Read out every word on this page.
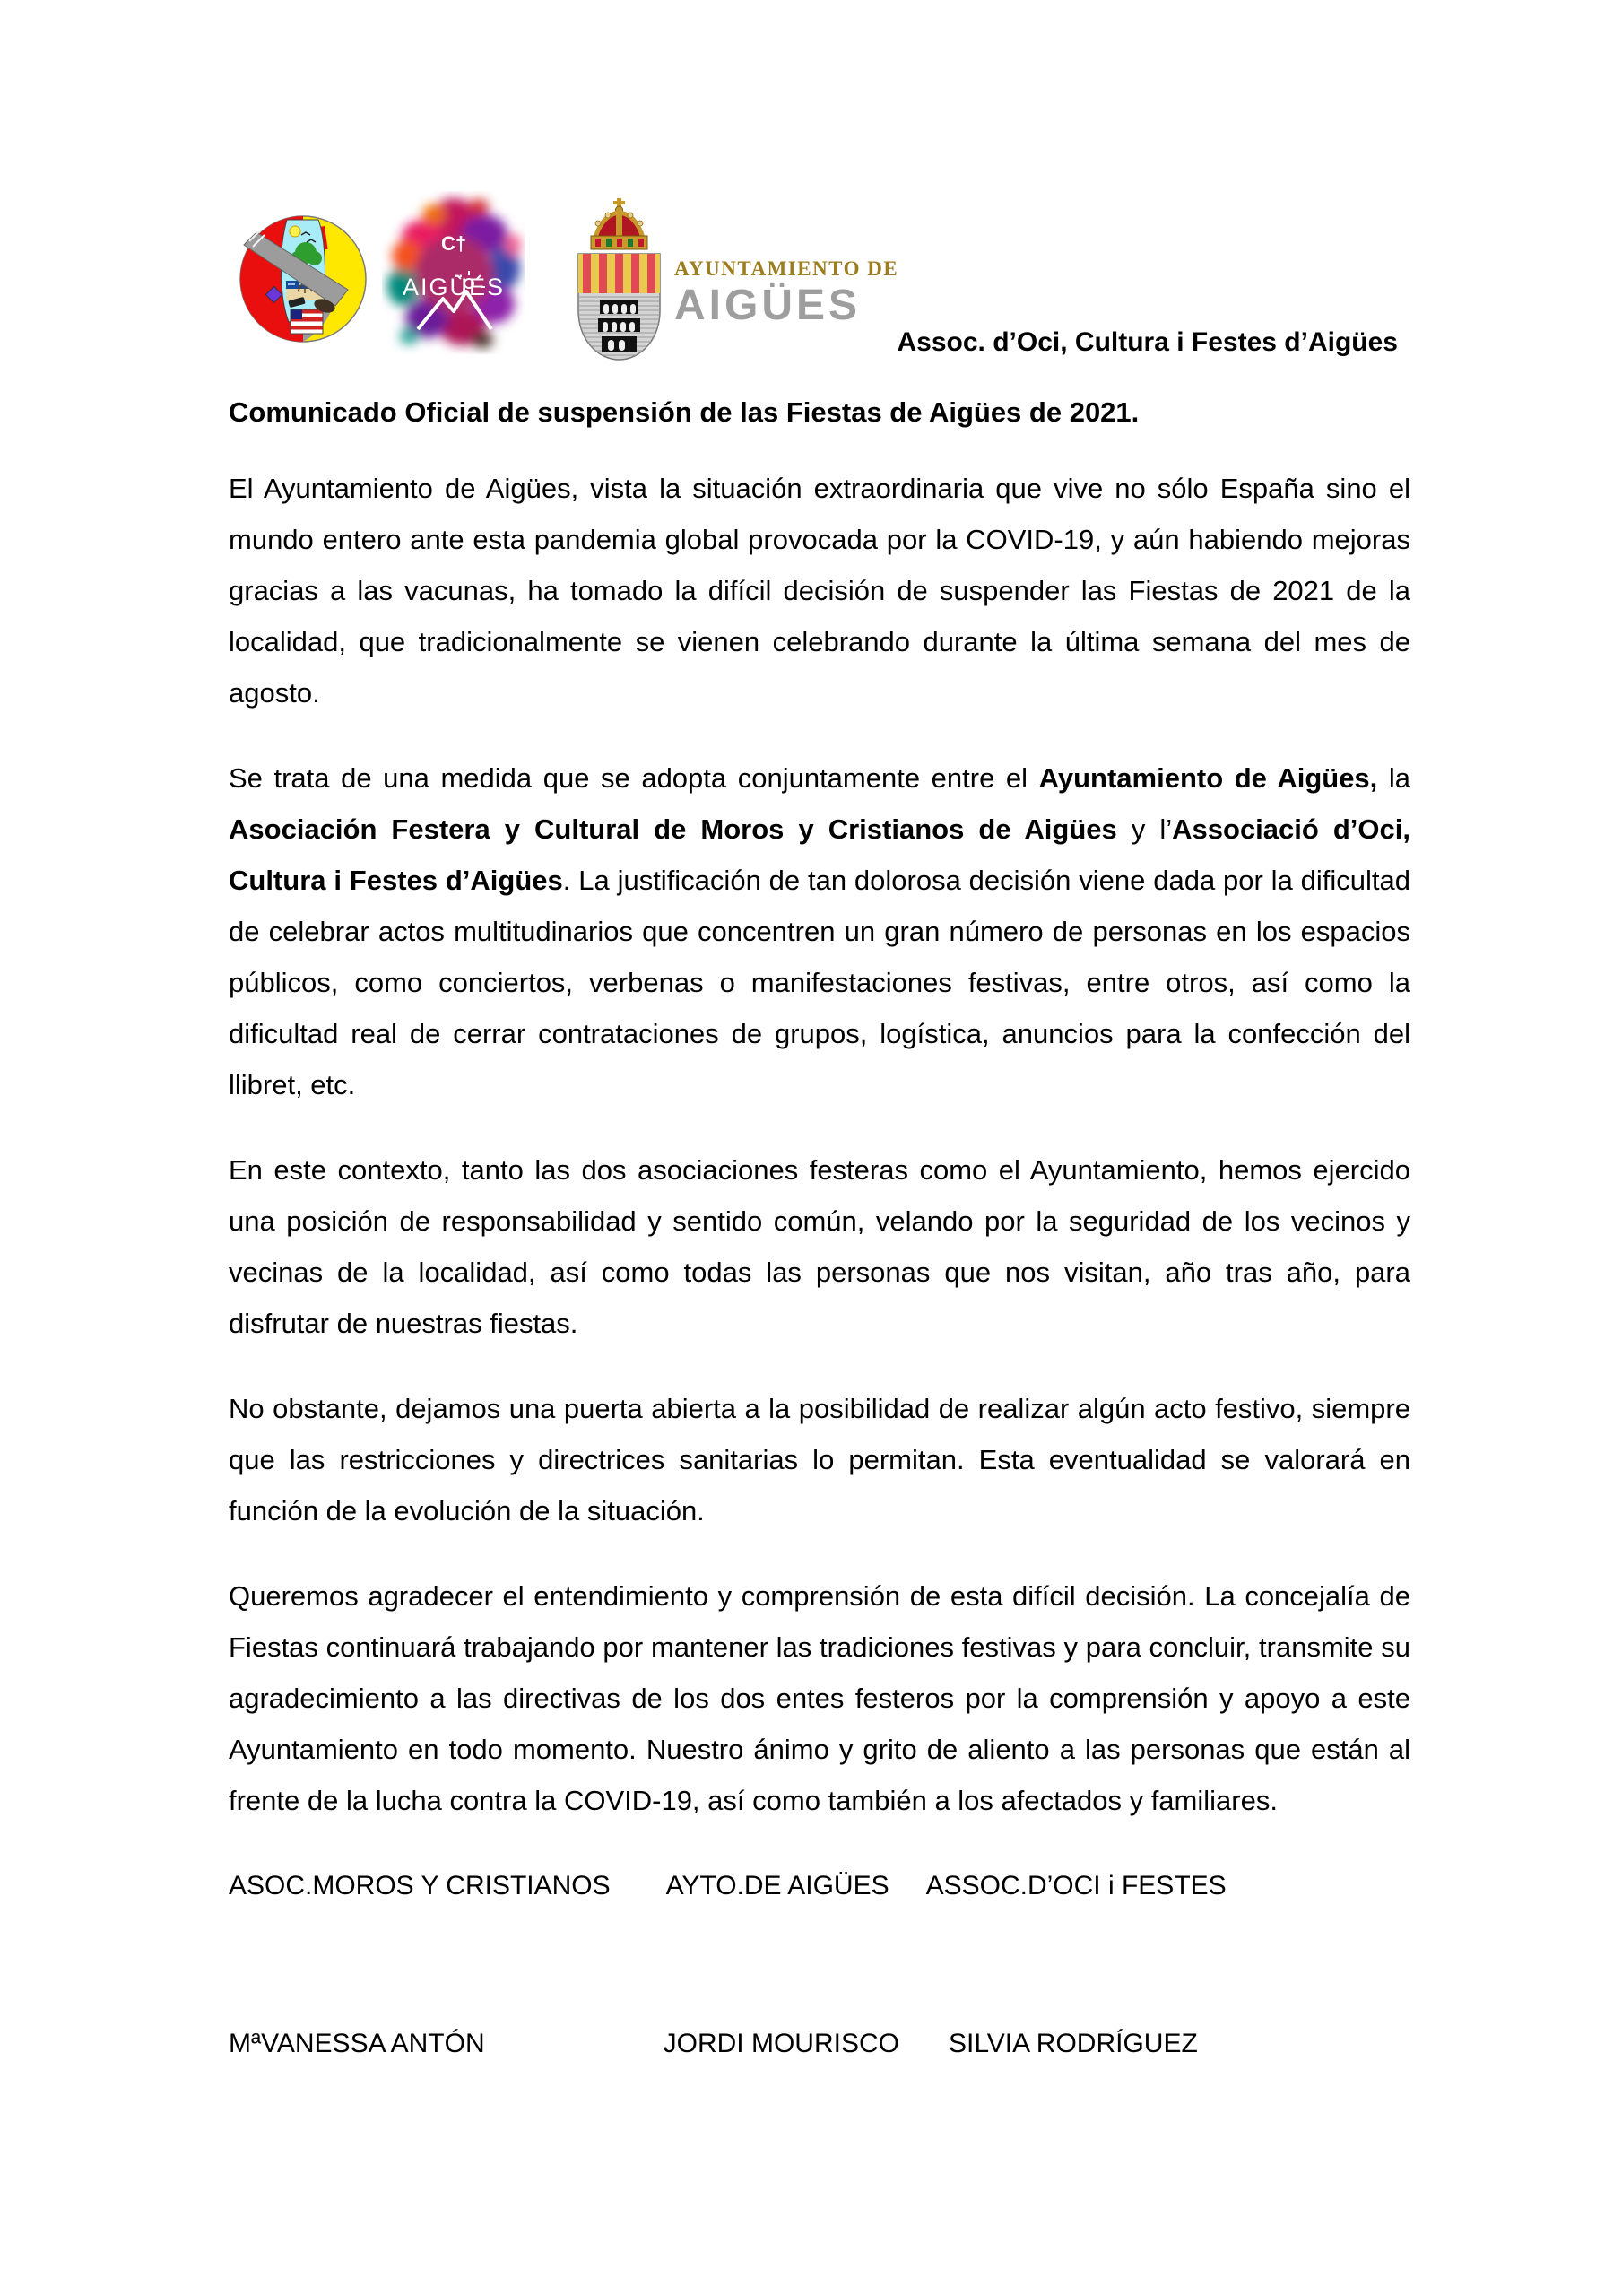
C†
AIGÜES
AYUNTAMIENTO DE
AIGÜES
Assoc. d’Oci, Cultura i Festes d’Aigües
Comunicado Oficial de suspensión de las Fiestas de Aigües de 2021.

El Ayuntamiento de Aigües, vista la situación extraordinaria que vive no sólo España sino el mundo entero ante esta pandemia global provocada por la COVID-19, y aún habiendo mejoras gracias a las vacunas, ha tomado la difícil decisión de suspender las Fiestas de 2021 de la localidad, que tradicionalmente se vienen celebrando durante la última semana del mes de agosto.

Se trata de una medida que se adopta conjuntamente entre el Ayuntamiento de Aigües, la Asociación Festera y Cultural de Moros y Cristianos de Aigües y l’Associació d’Oci, Cultura i Festes d’Aigües. La justificación de tan dolorosa decisión viene dada por la dificultad de celebrar actos multitudinarios que concentren un gran número de personas en los espacios públicos, como conciertos, verbenas o manifestaciones festivas, entre otros, así como la dificultad real de cerrar contrataciones de grupos, logística, anuncios para la confección del llibret, etc.

En este contexto, tanto las dos asociaciones festeras como el Ayuntamiento, hemos ejercido una posición de responsabilidad y sentido común, velando por la seguridad de los vecinos y vecinas de la localidad, así como todas las personas que nos visitan, año tras año, para disfrutar de nuestras fiestas.

No obstante, dejamos una puerta abierta a la posibilidad de realizar algún acto festivo, siempre que las restricciones y directrices sanitarias lo permitan. Esta eventualidad se valorará en función de la evolución de la situación.

Queremos agradecer el entendimiento y comprensión de esta difícil decisión. La concejalía de Fiestas continuará trabajando por mantener las tradiciones festivas y para concluir, transmite su agradecimiento a las directivas de los dos entes festeros por la comprensión y apoyo a este Ayuntamiento en todo momento. Nuestro ánimo y grito de aliento a las personas que están al frente de la lucha contra la COVID-19, así como también a los afectados y familiares.

ASOC.MOROS Y CRISTIANOS AYTO.DE AIGÜES ASSOC.D’OCI i FESTES
MªVANESSA ANTÓN	JORDI MOURISCO SILVIA RODRÍGUEZ
